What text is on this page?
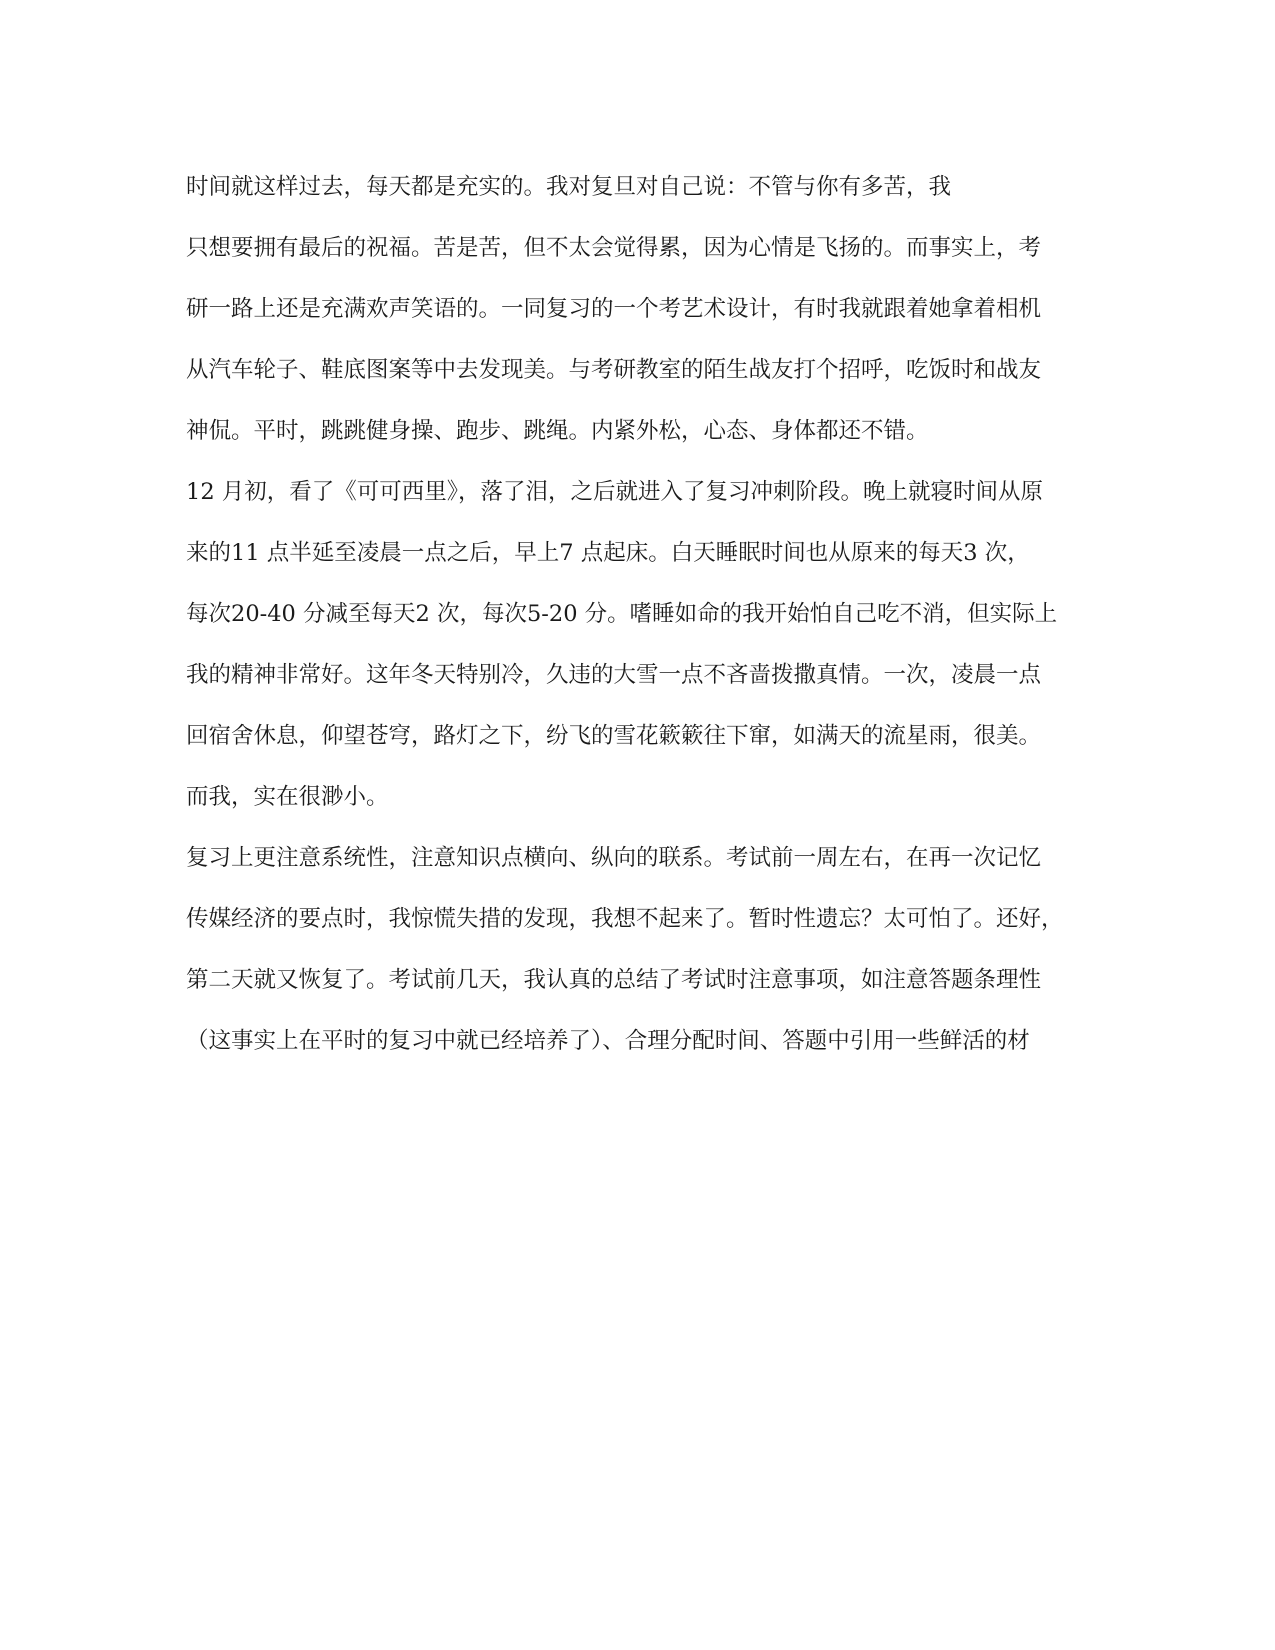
时间就这样过去，每天都是充实的。我对复旦对自己说：不管与你有多苦，我

只想要拥有最后的祝福。苦是苦，但不太会觉得累，因为心情是飞扬的。而事实上，考

研一路上还是充满欢声笑语的。一同复习的一个考艺术设计，有时我就跟着她拿着相机

从汽车轮子、鞋底图案等中去发现美。与考研教室的陌生战友打个招呼，吃饭时和战友

神侃。平时，跳跳健身操、跑步、跳绳。内紧外松，心态、身体都还不错。

12 月初，看了《可可西里》，落了泪，之后就进入了复习冲刺阶段。晚上就寝时间从原

来的11 点半延至凌晨一点之后，早上7 点起床。白天睡眠时间也从原来的每天3 次，

每次20-40 分减至每天2 次，每次5-20 分。嗜睡如命的我开始怕自己吃不消，但实际上

我的精神非常好。这年冬天特别冷，久违的大雪一点不吝啬拨撒真情。一次，凌晨一点

回宿舍休息，仰望苍穹，路灯之下，纷飞的雪花簌簌往下窜，如满天的流星雨，很美。

而我，实在很渺小。

复习上更注意系统性，注意知识点横向、纵向的联系。考试前一周左右，在再一次记忆

传媒经济的要点时，我惊慌失措的发现，我想不起来了。暂时性遗忘？太可怕了。还好，

第二天就又恢复了。考试前几天，我认真的总结了考试时注意事项，如注意答题条理性

（这事实上在平时的复习中就已经培养了）、合理分配时间、答题中引用一些鲜活的材
